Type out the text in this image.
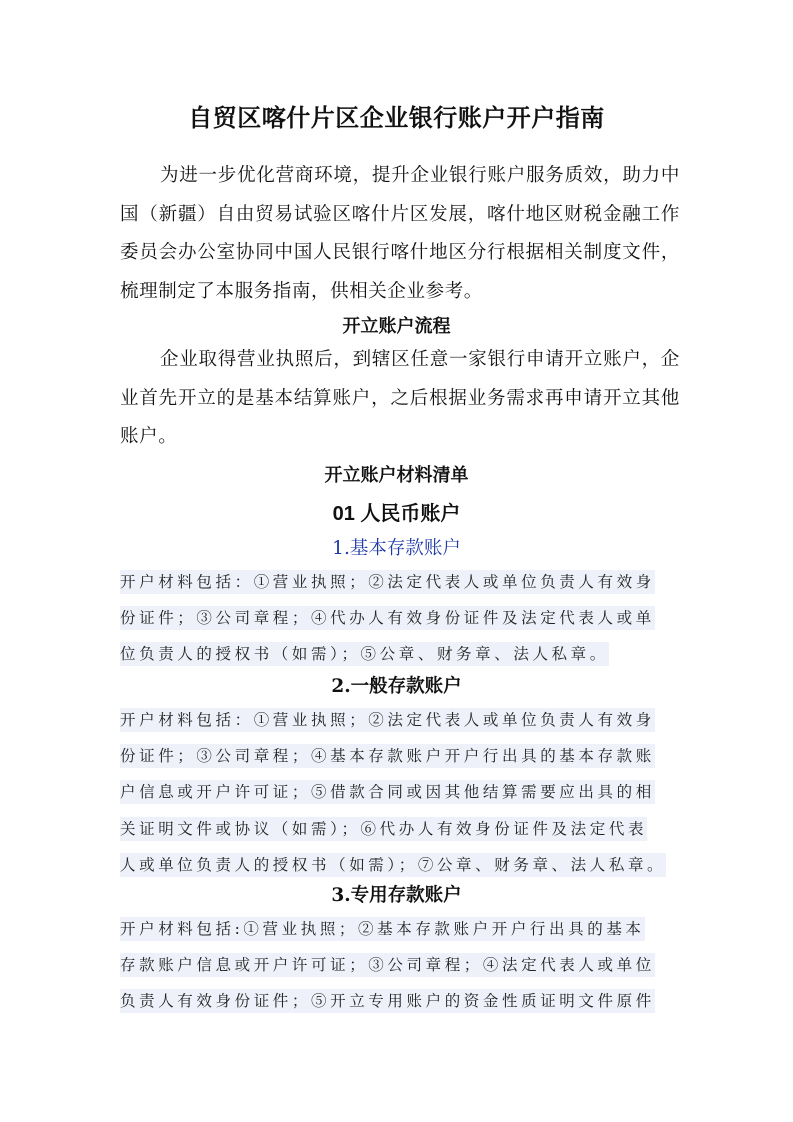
自贸区喀什片区企业银行账户开户指南

为进一步优化营商环境，提升企业银行账户服务质效，助力中国（新疆）自由贸易试验区喀什片区发展，喀什地区财税金融工作委员会办公室协同中国人民银行喀什地区分行根据相关制度文件，梳理制定了本服务指南，供相关企业参考。

开立账户流程

企业取得营业执照后，到辖区任意一家银行申请开立账户，企业首先开立的是基本结算账户，之后根据业务需求再申请开立其他账户。

开立账户材料清单
01 人民币账户
1.基本存款账户
开户材料包括：①营业执照；②法定代表人或单位负责人有效身
份证件；③公司章程；④代办人有效身份证件及法定代表人或单
位负责人的授权书（如需）；⑤公章、财务章、法人私章。
2.一般存款账户
开户材料包括：①营业执照；②法定代表人或单位负责人有效身
份证件；③公司章程；④基本存款账户开户行出具的基本存款账
户信息或开户许可证；⑤借款合同或因其他结算需要应出具的相
关证明文件或协议（如需）；⑥代办人有效身份证件及法定代表
人或单位负责人的授权书（如需）；⑦公章、财务章、法人私章。
3.专用存款账户
开户材料包括:①营业执照；②基本存款账户开户行出具的基本
存款账户信息或开户许可证；③公司章程；④法定代表人或单位
负责人有效身份证件；⑤开立专用账户的资金性质证明文件原件
